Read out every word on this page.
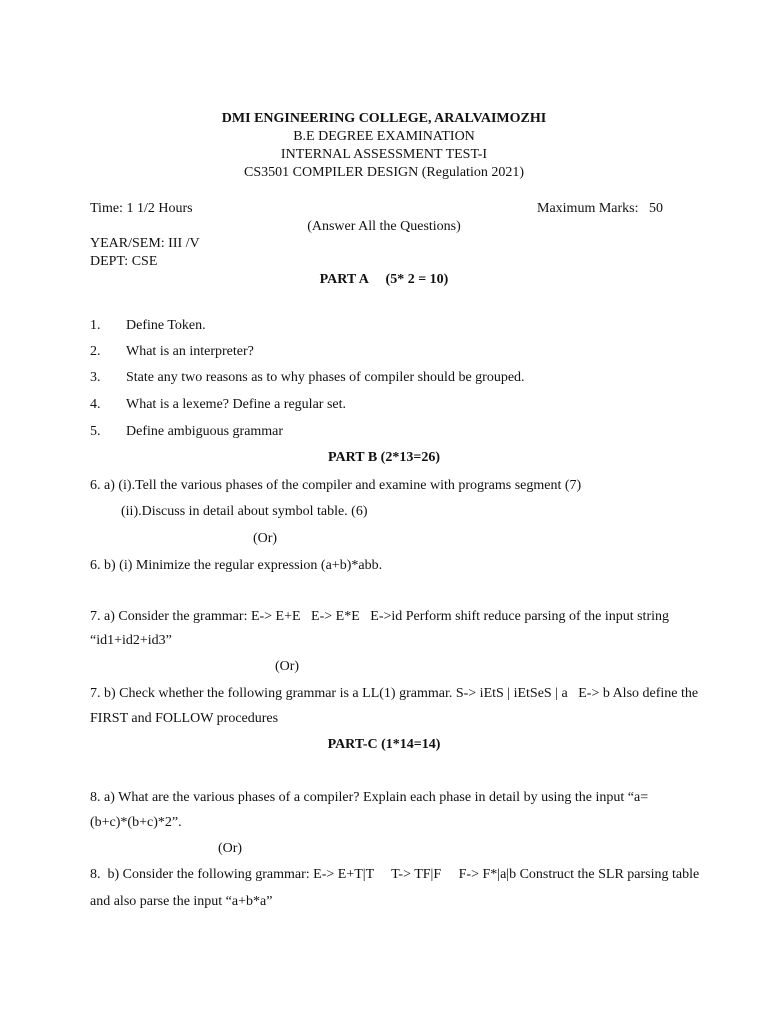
DMI ENGINEERING COLLEGE, ARALVAIMOZHI
B.E DEGREE EXAMINATION
INTERNAL ASSESSMENT TEST-I
CS3501 COMPILER DESIGN (Regulation 2021)
Time: 1 1/2 Hours	Maximum Marks:   50
(Answer All the Questions)
YEAR/SEM: III /V
DEPT: CSE
PART A     (5* 2 = 10)
1. Define Token.
2. What is an interpreter?
3. State any two reasons as to why phases of compiler should be grouped.
4. What is a lexeme? Define a regular set.
5. Define ambiguous grammar
PART B (2*13=26)
6. a) (i).Tell the various phases of the compiler and examine with programs segment (7)
(ii).Discuss in detail about symbol table. (6)
(Or)
6. b) (i) Minimize the regular expression (a+b)*abb.
7. a) Consider the grammar: E-> E+E   E-> E*E   E->id Perform shift reduce parsing of the input string
“id1+id2+id3”
(Or)
7. b) Check whether the following grammar is a LL(1) grammar. S-> iEtS | iEtSeS | a   E-> b Also define the
FIRST and FOLLOW procedures
PART-C (1*14=14)
8. a) What are the various phases of a compiler? Explain each phase in detail by using the input “a=
(b+c)*(b+c)*2”.
(Or)
8.  b) Consider the following grammar: E-> E+T|T     T-> TF|F     F-> F*|a|b Construct the SLR parsing table
and also parse the input “a+b*a”
